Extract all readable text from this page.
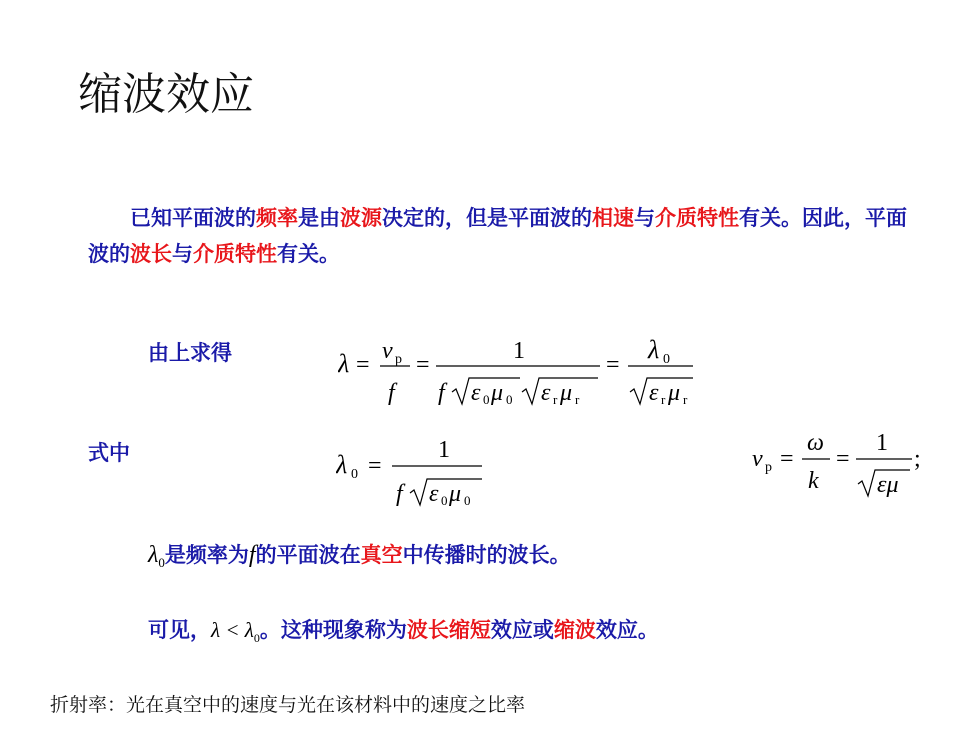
缩波效应
已知平面波的频率是由波源决定的，但是平面波的相速与介质特性有关。因此，平面波的波长与介质特性有关。
由上求得	λ =
v p
f
=
1
f ε 0 μ 0 ε r μ r
=
λ 0
ε r μ r
式中	λ 0 =
1
f ε 0 μ 0
v p =
ω
k
=
1
εμ
;
$\lambda_0$是频率为f的平面波在真空中传播时的波长。
可见，$\lambda < \lambda_0$。这种现象称为波长缩短效应或缩波效应。
折射率：光在真空中的速度与光在该材料中的速度之比率
